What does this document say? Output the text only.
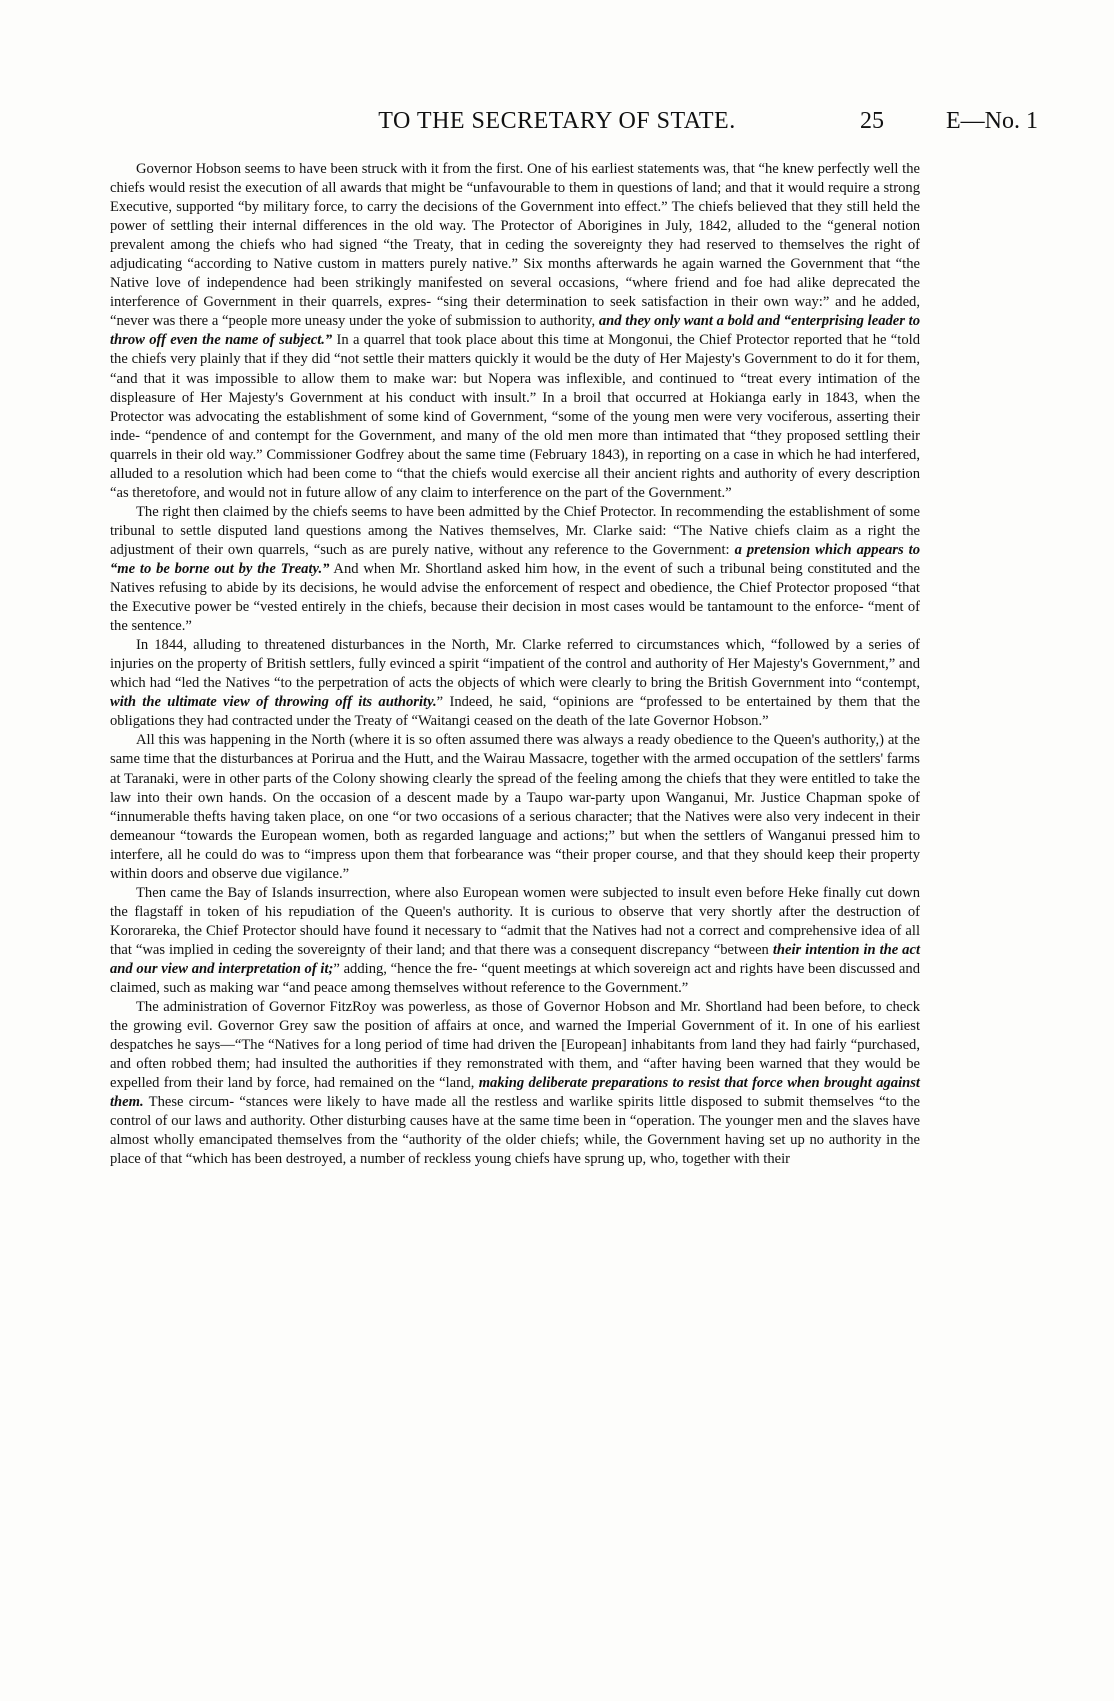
TO THE SECRETARY OF STATE.	25	E—No. 1

Governor Hobson seems to have been struck with it from the first. One of his earliest statements was, that “he knew perfectly well the chiefs would resist the execution of all awards that might be “unfavourable to them in questions of land; and that it would require a strong Executive, supported “by military force, to carry the decisions of the Government into effect.” The chiefs believed that they still held the power of settling their internal differences in the old way. The Protector of Aborigines in July, 1842, alluded to the “general notion prevalent among the chiefs who had signed “the Treaty, that in ceding the sovereignty they had reserved to themselves the right of adjudicating “according to Native custom in matters purely native.” Six months afterwards he again warned the Government that “the Native love of independence had been strikingly manifested on several occasions, “where friend and foe had alike deprecated the interference of Government in their quarrels, expres- “sing their determination to seek satisfaction in their own way:” and he added, “never was there a “people more uneasy under the yoke of submission to authority, and they only want a bold and “enterprising leader to throw off even the name of subject.” In a quarrel that took place about this time at Mongonui, the Chief Protector reported that he “told the chiefs very plainly that if they did “not settle their matters quickly it would be the duty of Her Majesty's Government to do it for them, “and that it was impossible to allow them to make war: but Nopera was inflexible, and continued to “treat every intimation of the displeasure of Her Majesty's Government at his conduct with insult.” In a broil that occurred at Hokianga early in 1843, when the Protector was advocating the establishment of some kind of Government, “some of the young men were very vociferous, asserting their inde- “pendence of and contempt for the Government, and many of the old men more than intimated that “they proposed settling their quarrels in their old way.” Commissioner Godfrey about the same time (February 1843), in reporting on a case in which he had interfered, alluded to a resolution which had been come to “that the chiefs would exercise all their ancient rights and authority of every description “as theretofore, and would not in future allow of any claim to interference on the part of the Government.”

The right then claimed by the chiefs seems to have been admitted by the Chief Protector. In recommending the establishment of some tribunal to settle disputed land questions among the Natives themselves, Mr. Clarke said: “The Native chiefs claim as a right the adjustment of their own quarrels, “such as are purely native, without any reference to the Government: a pretension which appears to “me to be borne out by the Treaty.” And when Mr. Shortland asked him how, in the event of such a tribunal being constituted and the Natives refusing to abide by its decisions, he would advise the enforcement of respect and obedience, the Chief Protector proposed “that the Executive power be “vested entirely in the chiefs, because their decision in most cases would be tantamount to the enforce- “ment of the sentence.”

In 1844, alluding to threatened disturbances in the North, Mr. Clarke referred to circumstances which, “followed by a series of injuries on the property of British settlers, fully evinced a spirit “impatient of the control and authority of Her Majesty's Government,” and which had “led the Natives “to the perpetration of acts the objects of which were clearly to bring the British Government into “contempt, with the ultimate view of throwing off its authority.” Indeed, he said, “opinions are “professed to be entertained by them that the obligations they had contracted under the Treaty of “Waitangi ceased on the death of the late Governor Hobson.”

All this was happening in the North (where it is so often assumed there was always a ready obedience to the Queen's authority,) at the same time that the disturbances at Porirua and the Hutt, and the Wairau Massacre, together with the armed occupation of the settlers' farms at Taranaki, were in other parts of the Colony showing clearly the spread of the feeling among the chiefs that they were entitled to take the law into their own hands. On the occasion of a descent made by a Taupo war-party upon Wanganui, Mr. Justice Chapman spoke of “innumerable thefts having taken place, on one “or two occasions of a serious character; that the Natives were also very indecent in their demeanour “towards the European women, both as regarded language and actions;” but when the settlers of Wanganui pressed him to interfere, all he could do was to “impress upon them that forbearance was “their proper course, and that they should keep their property within doors and observe due vigilance.”

Then came the Bay of Islands insurrection, where also European women were subjected to insult even before Heke finally cut down the flagstaff in token of his repudiation of the Queen's authority. It is curious to observe that very shortly after the destruction of Kororareka, the Chief Protector should have found it necessary to “admit that the Natives had not a correct and comprehensive idea of all that “was implied in ceding the sovereignty of their land; and that there was a consequent discrepancy “between their intention in the act and our view and interpretation of it;” adding, “hence the fre- “quent meetings at which sovereign act and rights have been discussed and claimed, such as making war “and peace among themselves without reference to the Government.”

The administration of Governor FitzRoy was powerless, as those of Governor Hobson and Mr. Shortland had been before, to check the growing evil. Governor Grey saw the position of affairs at once, and warned the Imperial Government of it. In one of his earliest despatches he says—“The “Natives for a long period of time had driven the [European] inhabitants from land they had fairly “purchased, and often robbed them; had insulted the authorities if they remonstrated with them, and “after having been warned that they would be expelled from their land by force, had remained on the “land, making deliberate preparations to resist that force when brought against them. These circum- “stances were likely to have made all the restless and warlike spirits little disposed to submit themselves “to the control of our laws and authority. Other disturbing causes have at the same time been in “operation. The younger men and the slaves have almost wholly emancipated themselves from the “authority of the older chiefs; while, the Government having set up no authority in the place of that “which has been destroyed, a number of reckless young chiefs have sprung up, who, together with their
